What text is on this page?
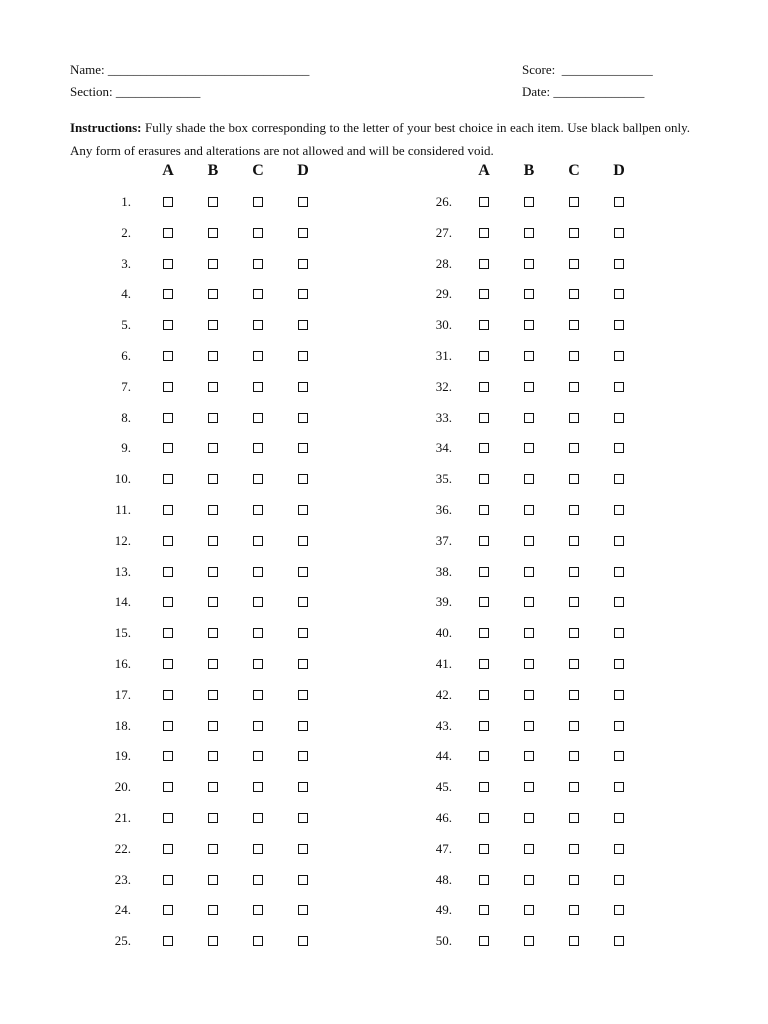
Name: _______________________________	Score:  ______________
Section: _____________	Date: ______________
Instructions: Fully shade the box corresponding to the letter of your best choice in each item. Use black ballpen only. Any form of erasures and alterations are not allowed and will be considered void.
A B C D
1.
2.
3.
4.
5.
6.
7.
8.
9.
10.
11.
12.
13.
14.
15.
16.
17.
18.
19.
20.
21.
22.
23.
24.
25.
A B C D
26.
27.
28.
29.
30.
31.
32.
33.
34.
35.
36.
37.
38.
39.
40.
41.
42.
43.
44.
45.
46.
47.
48.
49.
50.
